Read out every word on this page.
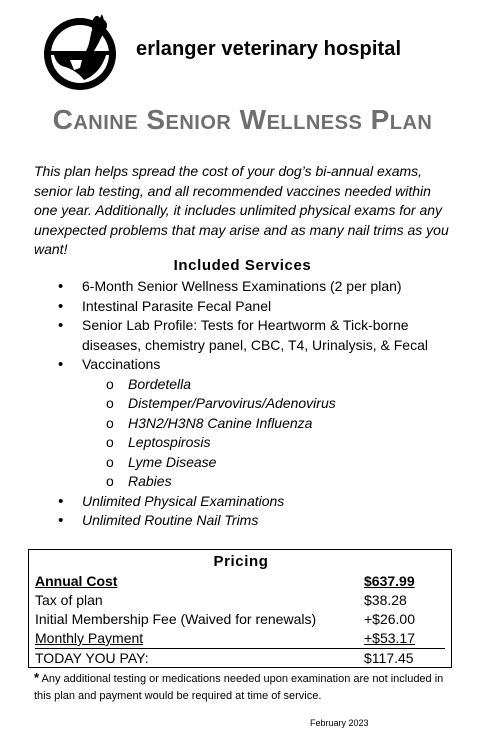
erlanger veterinary hospital
Canine Senior Wellness Plan
This plan helps spread the cost of your dog’s bi-annual exams, senior lab testing, and all recommended vaccines needed within one year. Additionally, it includes unlimited physical exams for any unexpected problems that may arise and as many nail trims as you want!
Included Services
• 6-Month Senior Wellness Examinations (2 per plan)
• Intestinal Parasite Fecal Panel
• Senior Lab Profile: Tests for Heartworm & Tick-borne diseases, chemistry panel, CBC, T4, Urinalysis, & Fecal
• Vaccinations
o Bordetella
o Distemper/Parvovirus/Adenovirus
o H3N2/H3N8 Canine Influenza
o Leptospirosis
o Lyme Disease
o Rabies
• Unlimited Physical Examinations
• Unlimited Routine Nail Trims
Pricing
Annual Cost	$637.99
Tax of plan	$38.28
Initial Membership Fee (Waived for renewals)	+$26.00
Monthly Payment	+$53.17
TODAY YOU PAY:	$117.45
* Any additional testing or medications needed upon examination are not included in this plan and payment would be required at time of service.
February 2023
